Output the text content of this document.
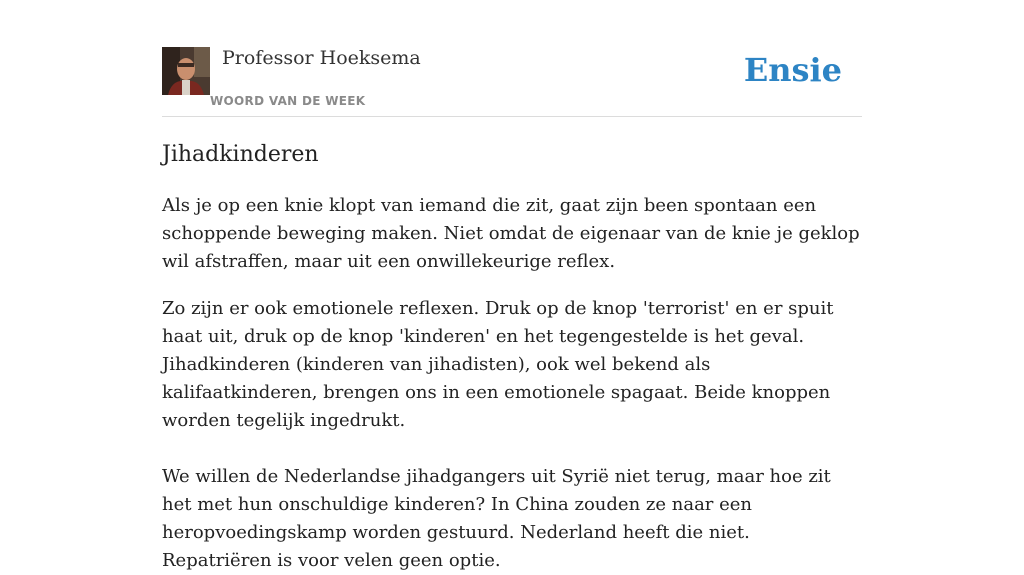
Professor Hoeksema
WOORD VAN DE WEEK
Ensie
Jihadkinderen

Als je op een knie klopt van iemand die zit, gaat zijn been spontaan een schoppende beweging maken. Niet omdat de eigenaar van de knie je geklop wil afstraffen, maar uit een onwillekeurige reflex.

Zo zijn er ook emotionele reflexen. Druk op de knop 'terrorist' en er spuit haat uit, druk op de knop 'kinderen' en het tegengestelde is het geval. Jihadkinderen (kinderen van jihadisten), ook wel bekend als kalifaatkinderen, brengen ons in een emotionele spagaat. Beide knoppen worden tegelijk ingedrukt.

We willen de Nederlandse jihadgangers uit Syrië niet terug, maar hoe zit het met hun onschuldige kinderen? In China zouden ze naar een heropvoedingskamp worden gestuurd. Nederland heeft die niet. Repatriëren is voor velen geen optie.
